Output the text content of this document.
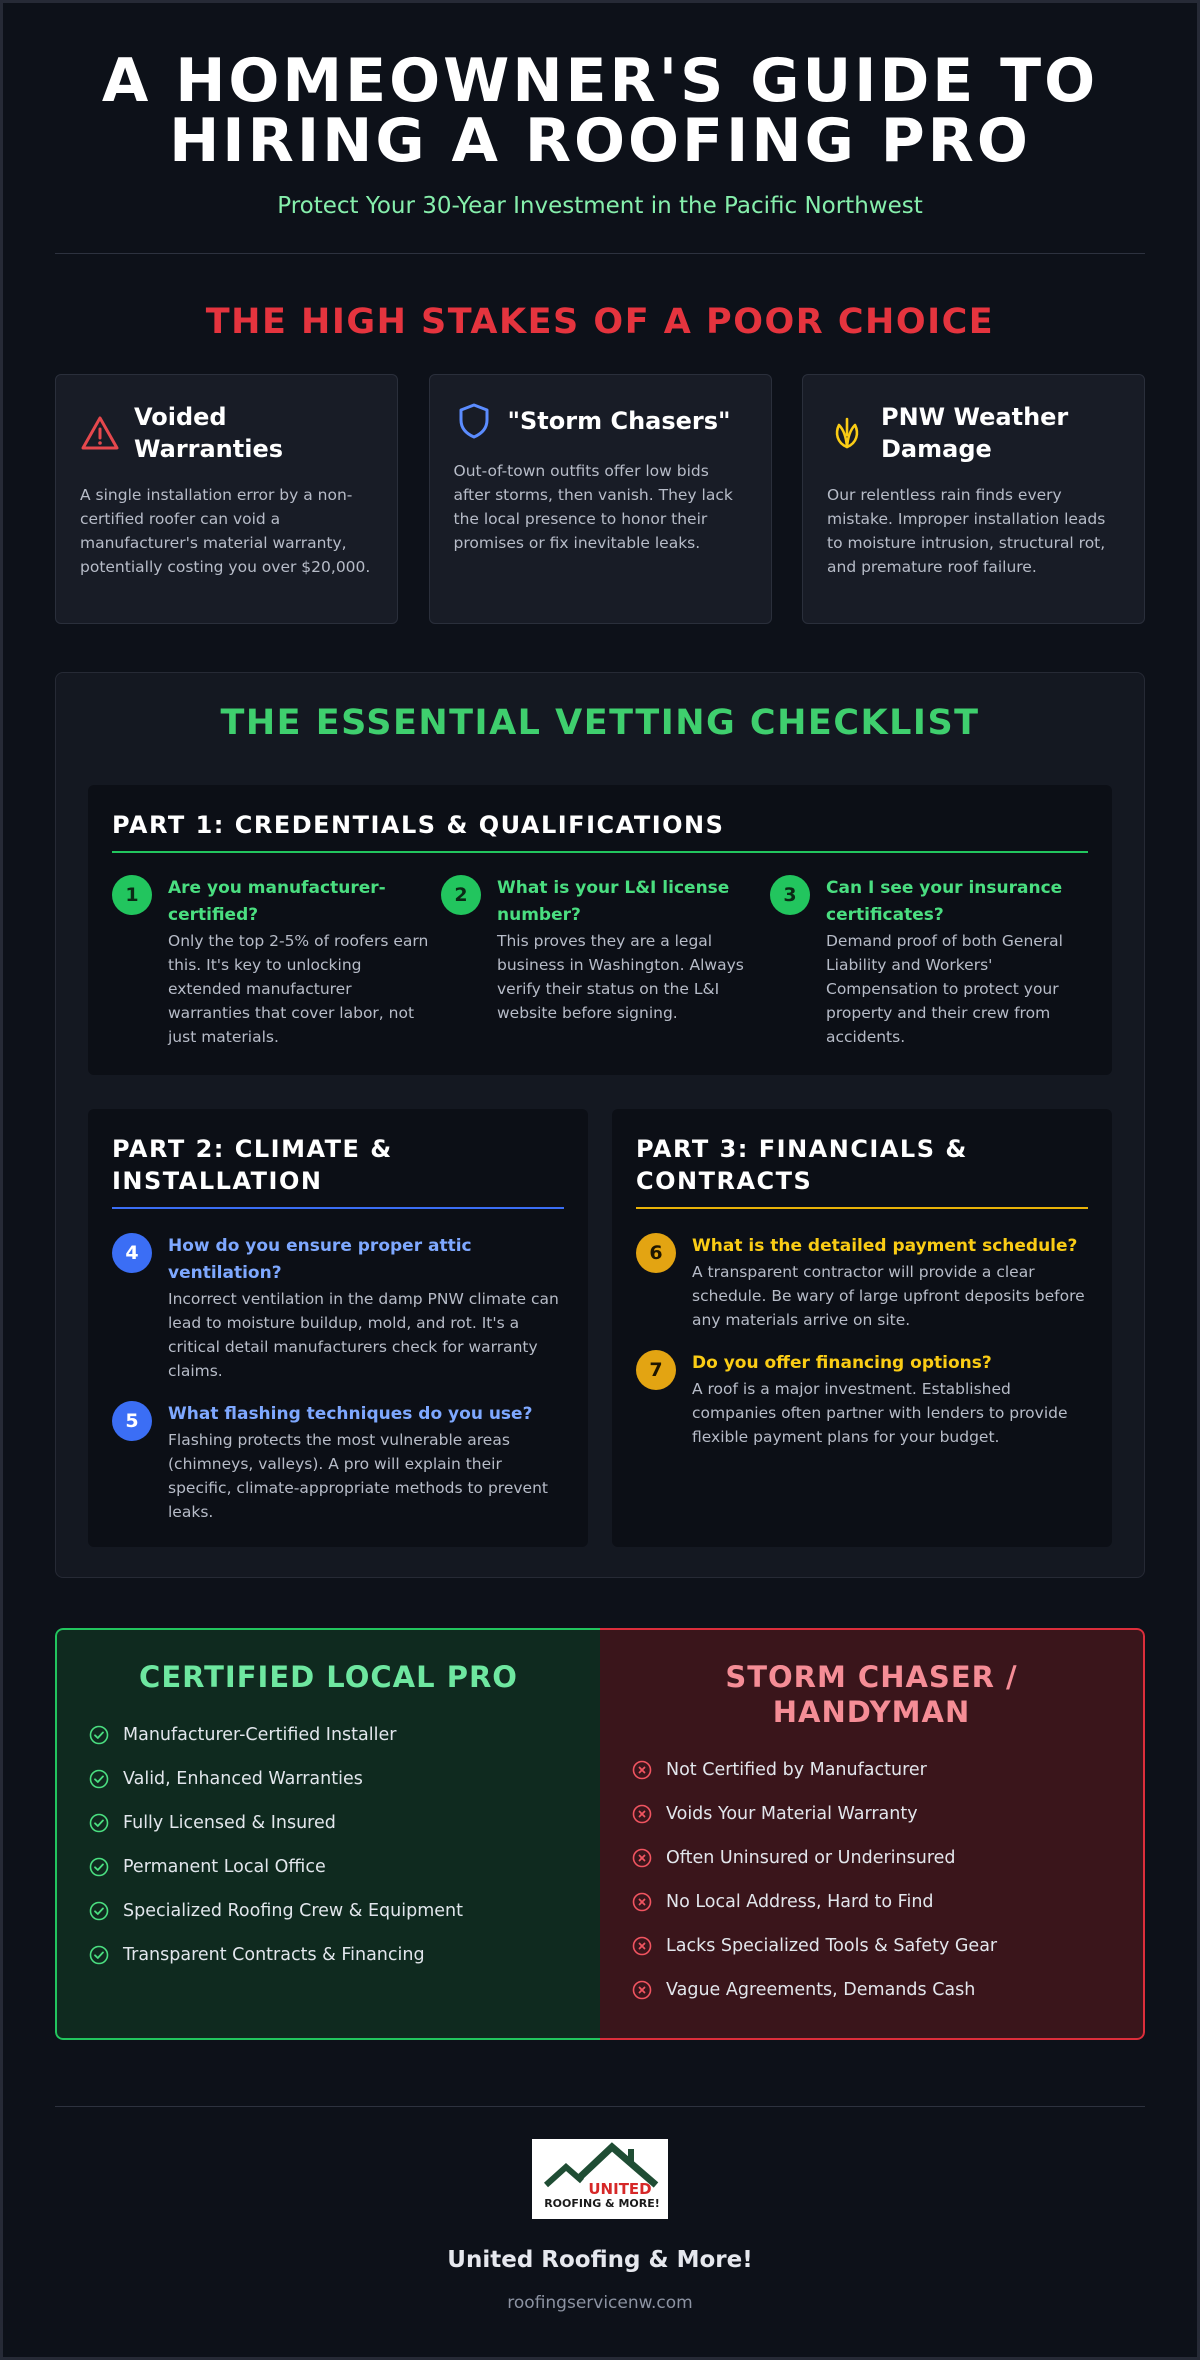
A HOMEOWNER'S GUIDE TO
HIRING A ROOFING PRO
Protect Your 30-Year Investment in the Pacific Northwest
THE HIGH STAKES OF A POOR CHOICE
Voided Warranties
A single installation error by a non-certified roofer can void a manufacturer's material warranty, potentially costing you over $20,000.
"Storm Chasers"
Out-of-town outfits offer low bids after storms, then vanish. They lack the local presence to honor their promises or fix inevitable leaks.
PNW Weather Damage
Our relentless rain finds every mistake. Improper installation leads to moisture intrusion, structural rot, and premature roof failure.
THE ESSENTIAL VETTING CHECKLIST
PART 1: CREDENTIALS & QUALIFICATIONS
1	Are you manufacturer-certified?
Only the top 2-5% of roofers earn this. It's key to unlocking extended manufacturer warranties that cover labor, not just materials.
2	What is your L&I license number?
This proves they are a legal business in Washington. Always verify their status on the L&I website before signing.
3	Can I see your insurance certificates?
Demand proof of both General Liability and Workers' Compensation to protect your property and their crew from accidents.
PART 2: CLIMATE & INSTALLATION
4	How do you ensure proper attic ventilation?
Incorrect ventilation in the damp PNW climate can lead to moisture buildup, mold, and rot. It's a critical detail manufacturers check for warranty claims.
5	What flashing techniques do you use?
Flashing protects the most vulnerable areas (chimneys, valleys). A pro will explain their specific, climate-appropriate methods to prevent leaks.
PART 3: FINANCIALS & CONTRACTS
6	What is the detailed payment schedule?
A transparent contractor will provide a clear schedule. Be wary of large upfront deposits before any materials arrive on site.
7	Do you offer financing options?
A roof is a major investment. Established companies often partner with lenders to provide flexible payment plans for your budget.
CERTIFIED LOCAL PRO
Manufacturer-Certified Installer
Valid, Enhanced Warranties
Fully Licensed & Insured
Permanent Local Office
Specialized Roofing Crew & Equipment
Transparent Contracts & Financing
STORM CHASER /
HANDYMAN
Not Certified by Manufacturer
Voids Your Material Warranty
Often Uninsured or Underinsured
No Local Address, Hard to Find
Lacks Specialized Tools & Safety Gear
Vague Agreements, Demands Cash
UNITED
ROOFING & MORE!
United Roofing & More!
roofingservicenw.com
